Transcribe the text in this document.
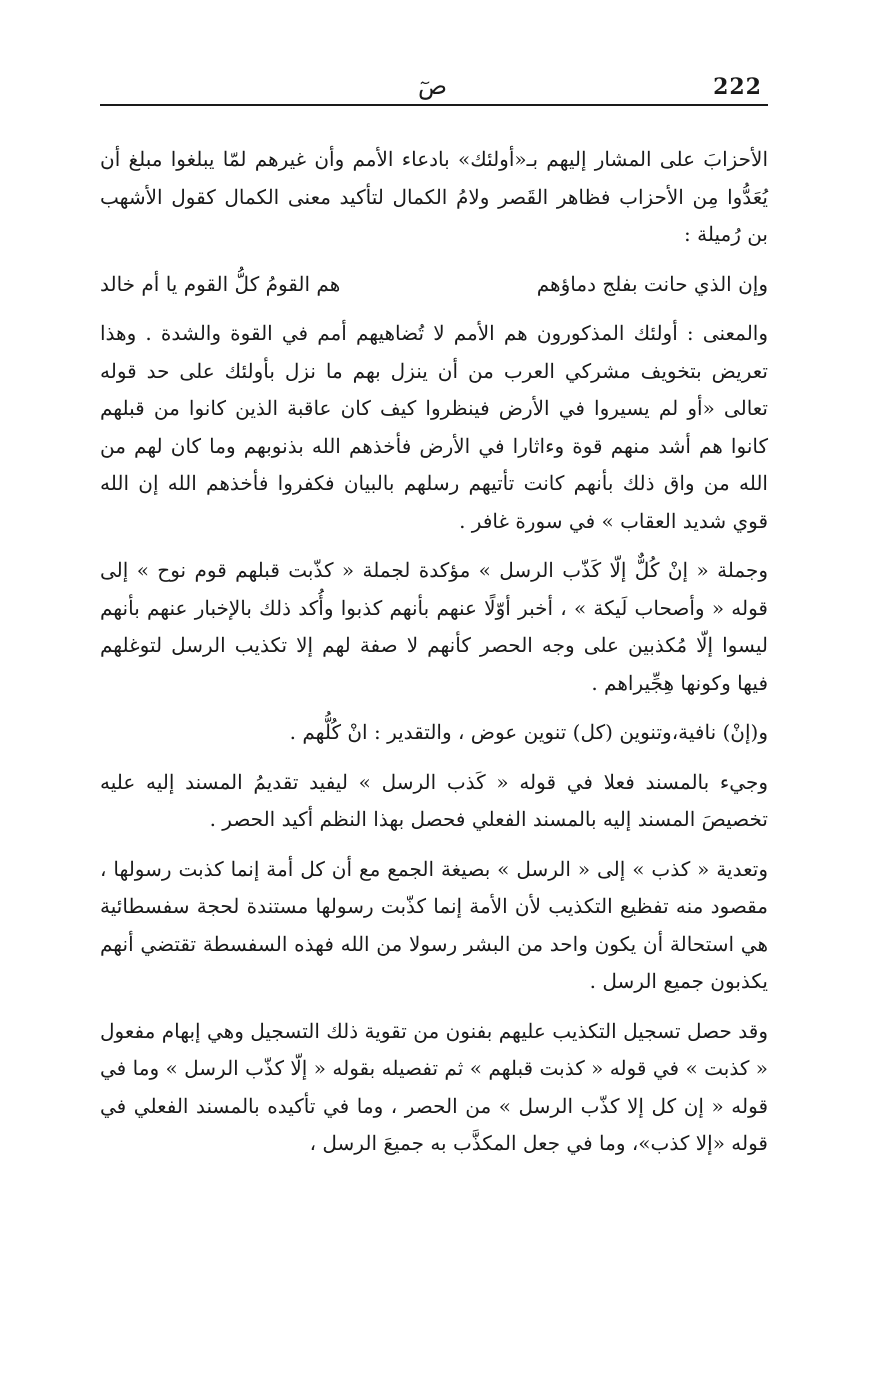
222
صٓ

الأحزابَ على المشار إليهم بـ«أولئك» بادعاء الأمم وأن غيرهم لمّا يبلغوا مبلغ أن يُعَدُّوا مِن الأحزاب فظاهر القَصر ولامُ الكمال لتأكيد معنى الكمال كقول الأشهب بن رُميلة :

وإن الذي حانت بفلج دماؤهم
هم القومُ كلُّ القوم يا أم خالد

والمعنى : أولئك المذكورون هم الأمم لا تُضاهيهم أمم في القوة والشدة . وهذا تعريض بتخويف مشركي العرب من أن ينزل بهم ما نزل بأولئك على حد قوله تعالى «أو لم يسيروا في الأرض فينظروا كيف كان عاقبة الذين كانوا من قبلهم كانوا هم أشد منهم قوة وءاثارا في الأرض فأخذهم الله بذنوبهم وما كان لهم من الله من واق ذلك بأنهم كانت تأتيهم رسلهم بالبيان فكفروا فأخذهم الله إن الله قوي شديد العقاب » في سورة غافر .

وجملة « إنْ كُلٌّ إلّا كَذّب الرسل » مؤكدة لجملة « كذّبت قبلهم قوم نوح » إلى قوله « وأصحاب لَيكة » ، أخبر أوّلًا عنهم بأنهم كذبوا وأُكد ذلك بالإخبار عنهم بأنهم ليسوا إلّا مُكذبين على وجه الحصر كأنهم لا صفة لهم إلا تكذيب الرسل لتوغلهم فيها وكونها هِجِّيراهم .

و(إنْ) نافية،وتنوين (كل) تنوين عوض ، والتقدير : انْ كُلُّهم .

وجيء بالمسند فعلا في قوله « كَذب الرسل » ليفيد تقديمُ المسند إليه عليه تخصيصَ المسند إليه بالمسند الفعلي فحصل بهذا النظم أكيد الحصر .

وتعدية « كذب » إلى « الرسل » بصيغة الجمع مع أن كل أمة إنما كذبت رسولها ، مقصود منه تفظيع التكذيب لأن الأمة إنما كذّبت رسولها مستندة لحجة سفسطائية هي استحالة أن يكون واحد من البشر رسولا من الله فهذه السفسطة تقتضي أنهم يكذبون جميع الرسل .

وقد حصل تسجيل التكذيب عليهم بفنون من تقوية ذلك التسجيل وهي إبهام مفعول « كذبت » في قوله « كذبت قبلهم » ثم تفصيله بقوله « إلّا كذّب الرسل » وما في قوله « إن كل إلا كذّب الرسل » من الحصر ، وما في تأكيده بالمسند الفعلي في قوله «إلا كذب»، وما في جعل المكذَّب به جميعَ الرسل ،
